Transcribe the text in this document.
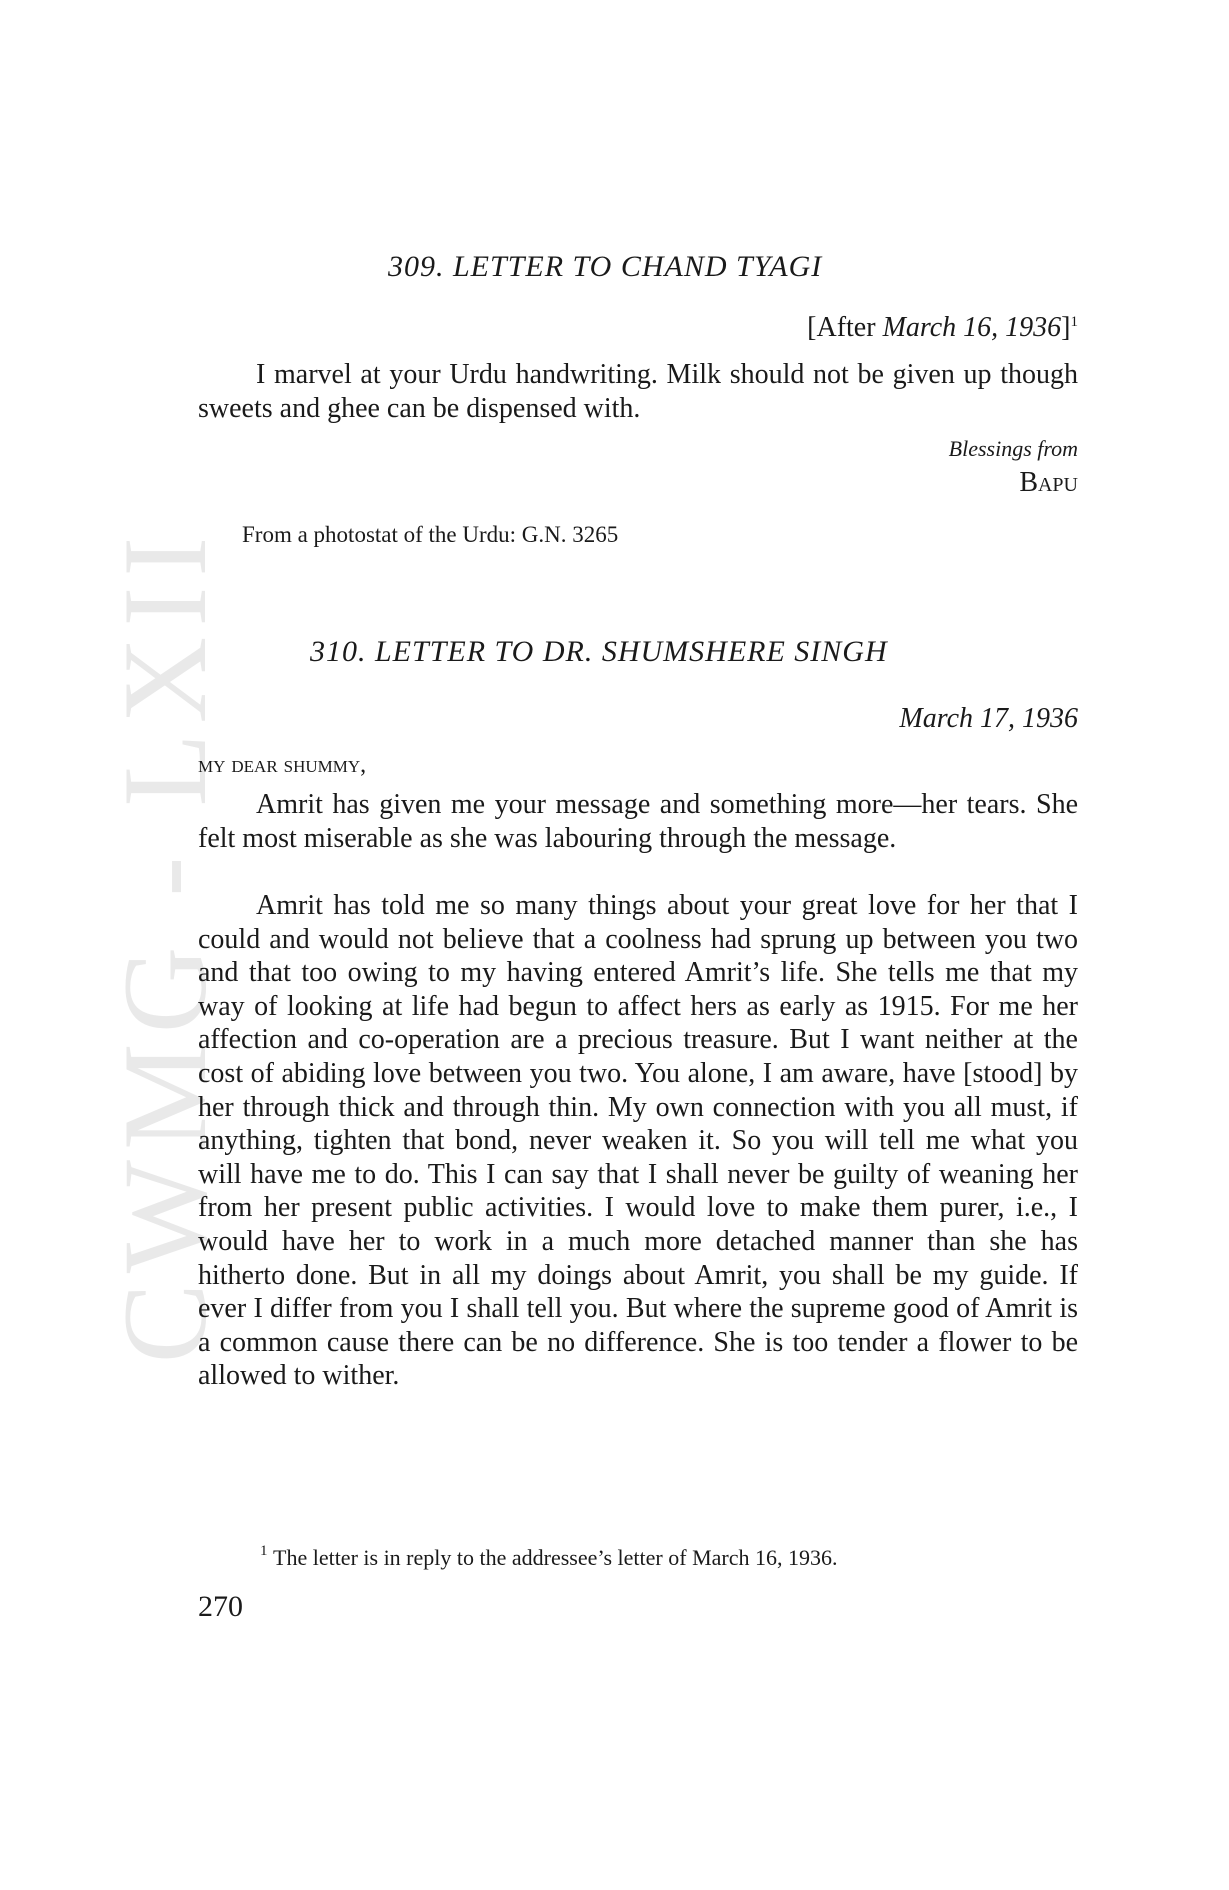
CWMG - LXII
309. LETTER TO CHAND TYAGI
[After March 16, 1936]$^1$

I marvel at your Urdu handwriting. Milk should not be given up though sweets and ghee can be dispensed with.

Blessings from
Bapu
From a photostat of the Urdu: G.N. 3265
310. LETTER TO DR. SHUMSHERE SINGH
March 17, 1936
my dear shummy,

Amrit has given me your message and something more—her tears. She felt most miserable as she was labouring through the message.

Amrit has told me so many things about your great love for her that I could and would not believe that a coolness had sprung up between you two and that too owing to my having entered Amrit’s life. She tells me that my way of looking at life had begun to affect hers as early as 1915. For me her affection and co-operation are a precious treasure. But I want neither at the cost of abiding love between you two. You alone, I am aware, have [stood] by her through thick and through thin. My own connection with you all must, if anything, tighten that bond, never weaken it. So you will tell me what you will have me to do. This I can say that I shall never be guilty of weaning her from her present public activities. I would love to make them purer, i.e., I would have her to work in a much more detached manner than she has hitherto done. But in all my doings about Amrit, you shall be my guide. If ever I differ from you I shall tell you. But where the supreme good of Amrit is a common cause there can be no difference. She is too tender a flower to be allowed to wither.

$^1$ The letter is in reply to the addressee’s letter of March 16, 1936.
270
